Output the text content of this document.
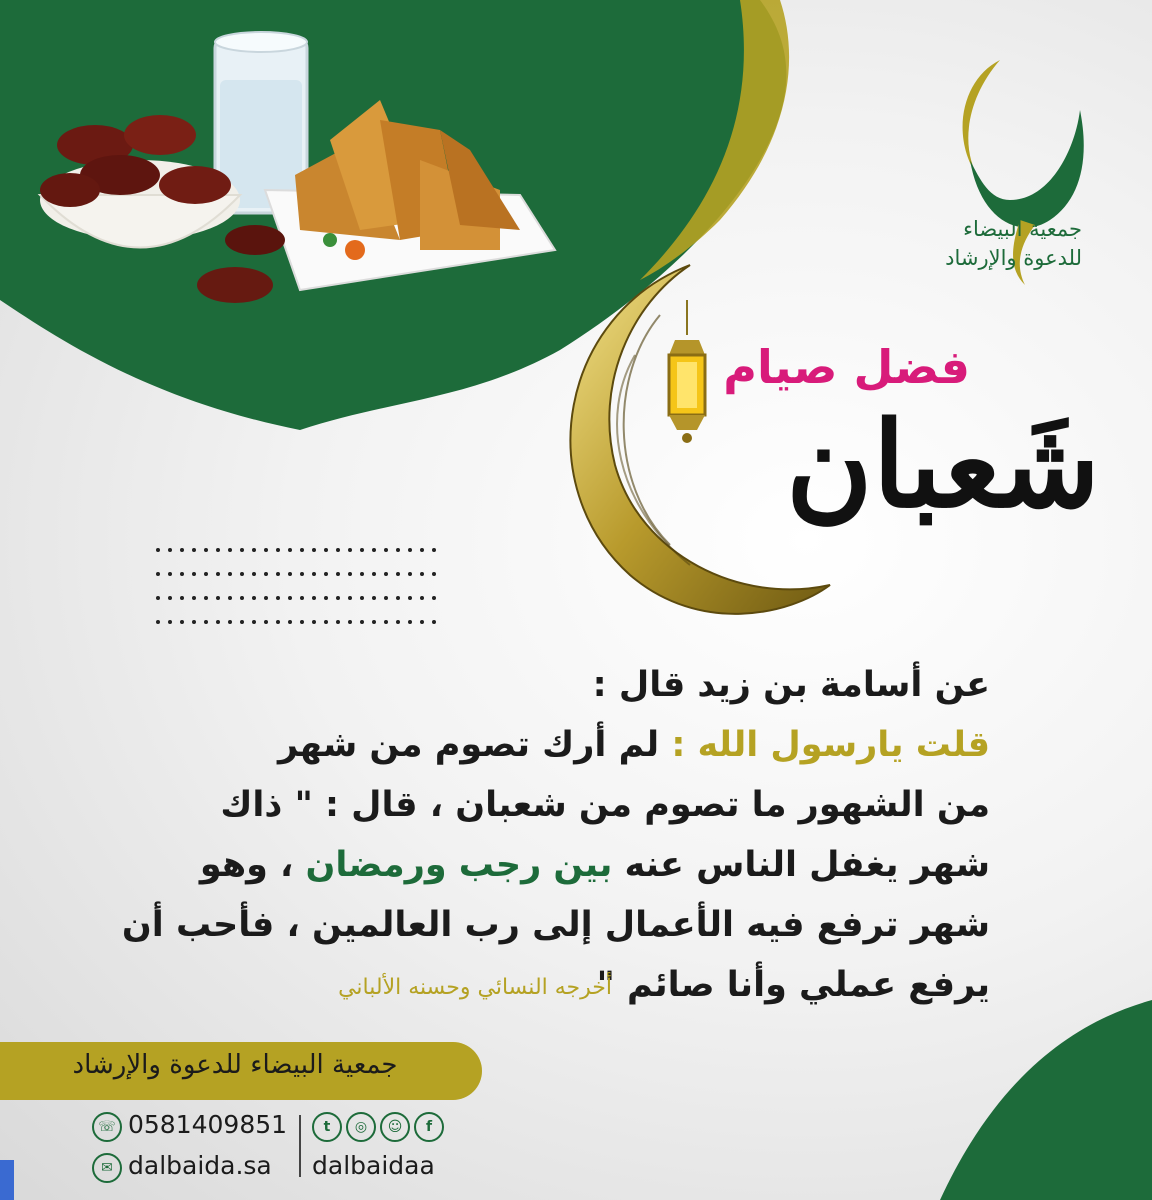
جمعية البيضاء
للدعوة والإرشاد
فضل صيام
شَعبان
عن أسامة بن زيد قال :
قلت يارسول الله : لم أرك تصوم من شهر
من الشهور ما تصوم من شعبان ، قال : " ذاك
شهر يغفل الناس عنه بين رجب ورمضان ، وهو
شهر ترفع فيه الأعمال إلى رب العالمين ، فأحب أن
يرفع عملي وأنا صائم "
أخرجه النسائي وحسنه الألباني
جمعية البيضاء للدعوة والإرشاد
☏ 0581409851
✉ dalbaida.sa
t	◎	☺	f
dalbaidaa
